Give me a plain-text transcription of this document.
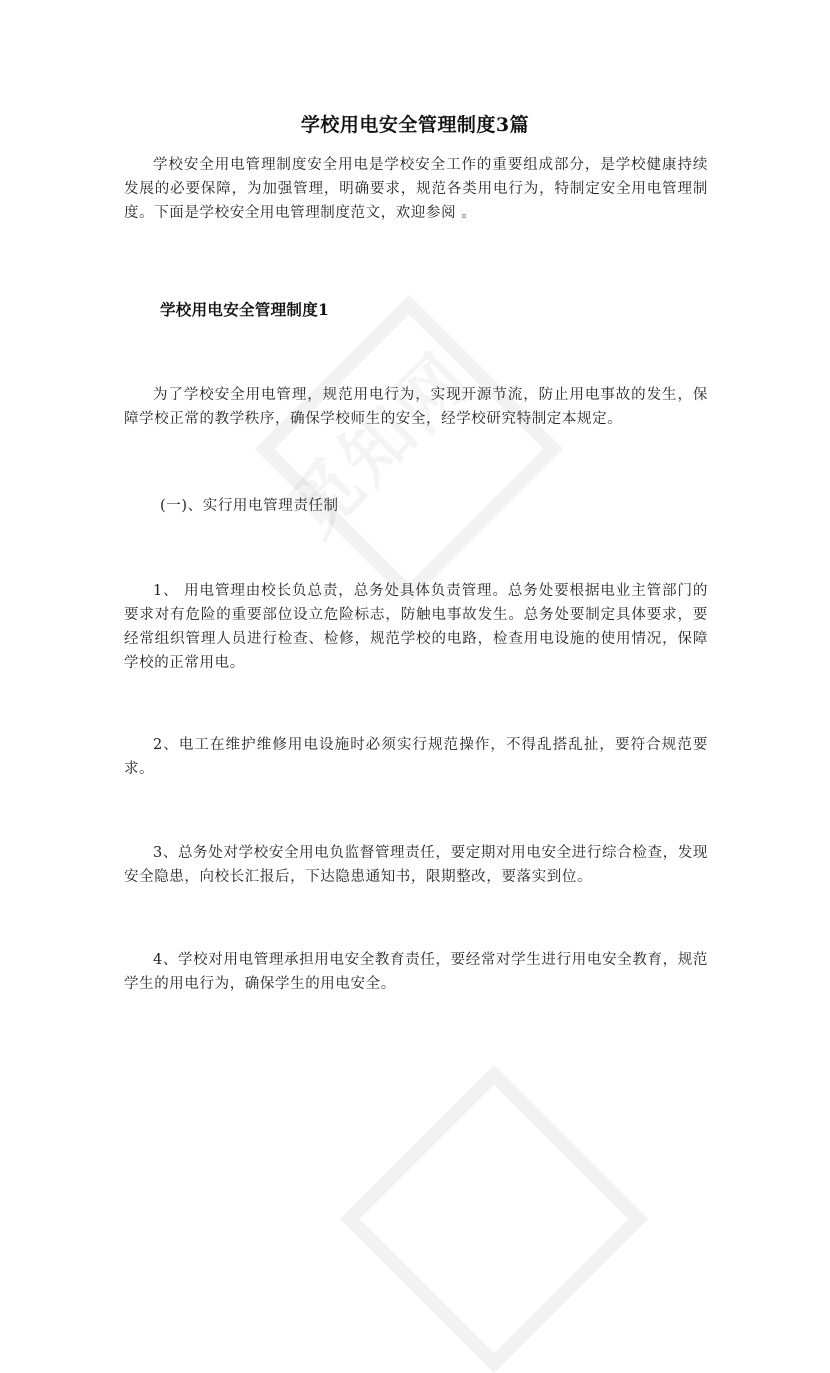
学校用电安全管理制度3篇
学校安全用电管理制度安全用电是学校安全工作的重要组成部分，是学校健康持续发展的必要保障，为加强管理，明确要求，规范各类用电行为，特制定安全用电管理制度。下面是学校安全用电管理制度范文，欢迎参阅 。
学校用电安全管理制度1
为了学校安全用电管理，规范用电行为，实现开源节流，防止用电事故的发生，保障学校正常的教学秩序，确保学校师生的安全，经学校研究特制定本规定。
(一)、实行用电管理责任制
1、 用电管理由校长负总责，总务处具体负责管理。总务处要根据电业主管部门的要求对有危险的重要部位设立危险标志，防触电事故发生。总务处要制定具体要求，要经常组织管理人员进行检查、检修，规范学校的电路，检查用电设施的使用情况，保障学校的正常用电。
2、电工在维护维修用电设施时必须实行规范操作，不得乱搭乱扯，要符合规范要求。
3、总务处对学校安全用电负监督管理责任，要定期对用电安全进行综合检查，发现安全隐患，向校长汇报后，下达隐患通知书，限期整改，要落实到位。
4、学校对用电管理承担用电安全教育责任，要经常对学生进行用电安全教育，规范学生的用电行为，确保学生的用电安全。
